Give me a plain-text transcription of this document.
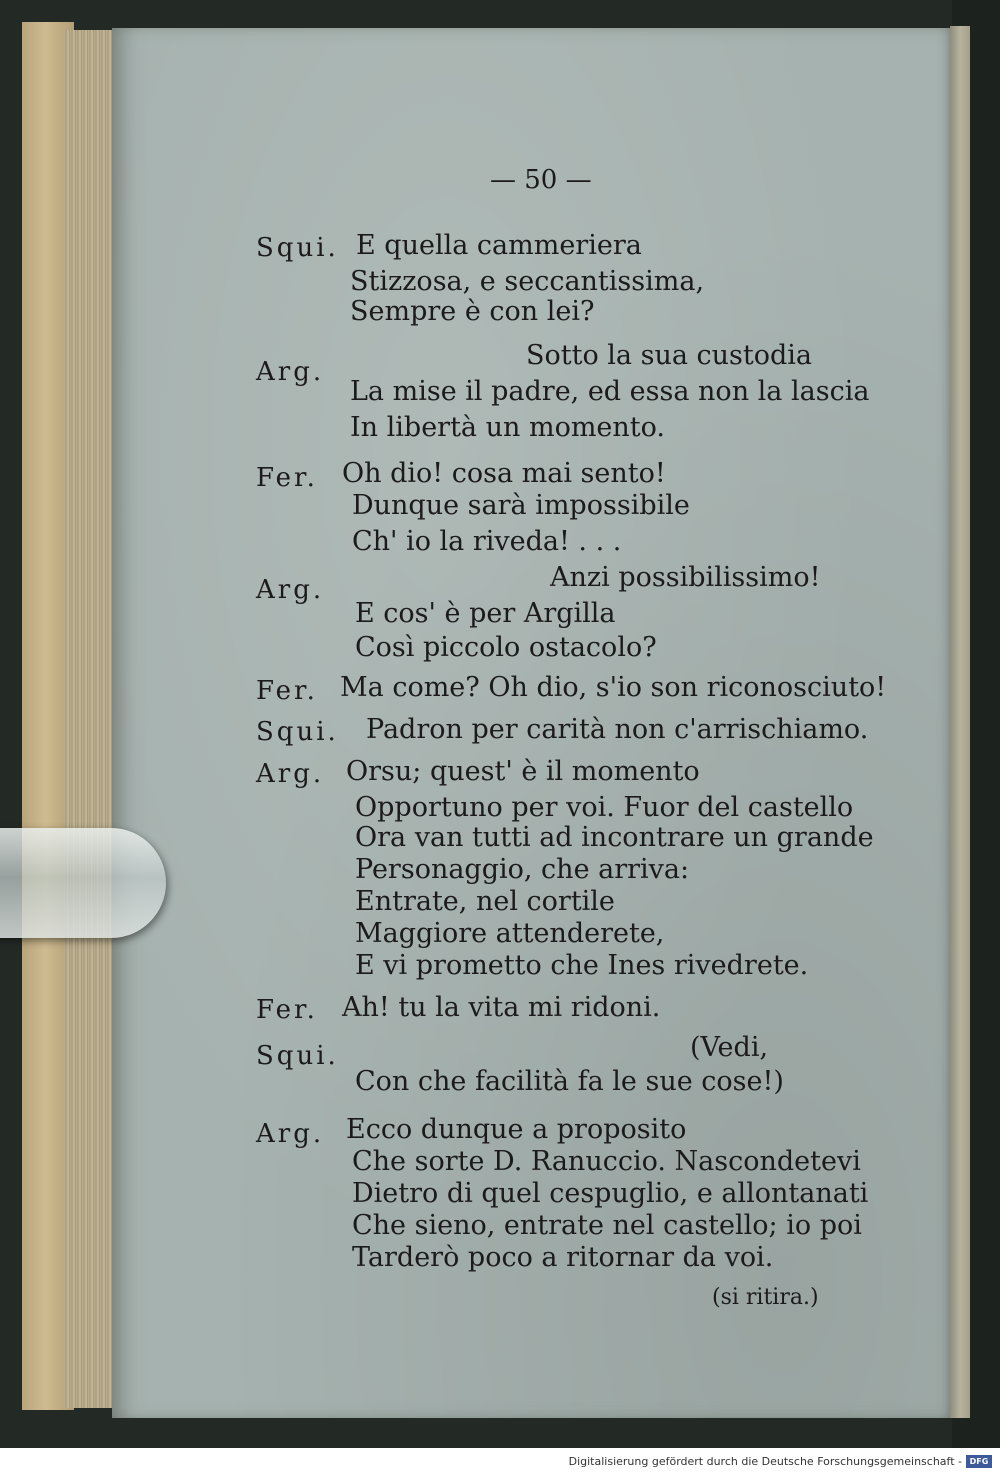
— 50 —
Squi.
Arg.
Fer.
Arg.
Fer.
Squi.
Arg.
Fer.
Squi.
Arg.
E quella cammeriera
Stizzosa, e seccantissima,
Sempre è con lei?
Sotto la sua custodia
La mise il padre, ed essa non la lascia
In libertà un momento.
Oh dio! cosa mai sento!
Dunque sarà impossibile
Ch' io la riveda! . . .
Anzi possibilissimo!
E cos' è per Argilla
Così piccolo ostacolo?
Ma come? Oh dio, s'io son riconosciuto!
Padron per carità non c'arrischiamo.
Orsu; quest' è il momento
Opportuno per voi. Fuor del castello
Ora van tutti ad incontrare un grande
Personaggio, che arriva:
Entrate, nel cortile
Maggiore attenderete,
E vi prometto che Ines rivedrete.
Ah! tu la vita mi ridoni.
(Vedi,
Con che facilità fa le sue cose!)
Ecco dunque a proposito
Che sorte D. Ranuccio. Nascondetevi
Dietro di quel cespuglio, e allontanati
Che sieno, entrate nel castello; io poi
Tarderò poco a ritornar da voi.
(si ritira.)
Digitalisierung gefördert durch die Deutsche Forschungsgemeinschaft - DFG
